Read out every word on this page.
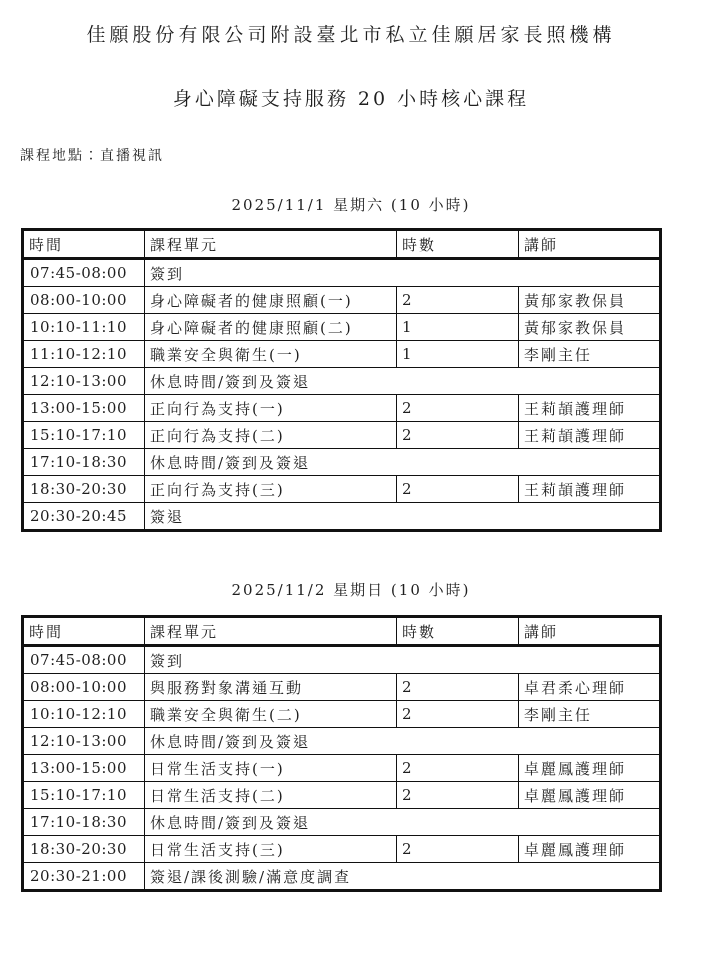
佳願股份有限公司附設臺北市私立佳願居家長照機構
身心障礙支持服務 20 小時核心課程
課程地點：直播視訊
2025/11/1 星期六 (10 小時)
時間	課程單元	時數	講師
07:45-08:00	簽到		
08:00-10:00	身心障礙者的健康照顧(一)	2	黃郁家教保員
10:10-11:10	身心障礙者的健康照顧(二)	1	黃郁家教保員
11:10-12:10	職業安全與衛生(一)	1	李剛主任
12:10-13:00	休息時間/簽到及簽退		
13:00-15:00	正向行為支持(一)	2	王莉頡護理師
15:10-17:10	正向行為支持(二)	2	王莉頡護理師
17:10-18:30	休息時間/簽到及簽退		
18:30-20:30	正向行為支持(三)	2	王莉頡護理師
20:30-20:45	簽退		
2025/11/2 星期日 (10 小時)
時間	課程單元	時數	講師
07:45-08:00	簽到		
08:00-10:00	與服務對象溝通互動	2	卓君柔心理師
10:10-12:10	職業安全與衛生(二)	2	李剛主任
12:10-13:00	休息時間/簽到及簽退		
13:00-15:00	日常生活支持(一)	2	卓麗鳳護理師
15:10-17:10	日常生活支持(二)	2	卓麗鳳護理師
17:10-18:30	休息時間/簽到及簽退		
18:30-20:30	日常生活支持(三)	2	卓麗鳳護理師
20:30-21:00	簽退/課後測驗/滿意度調查		
